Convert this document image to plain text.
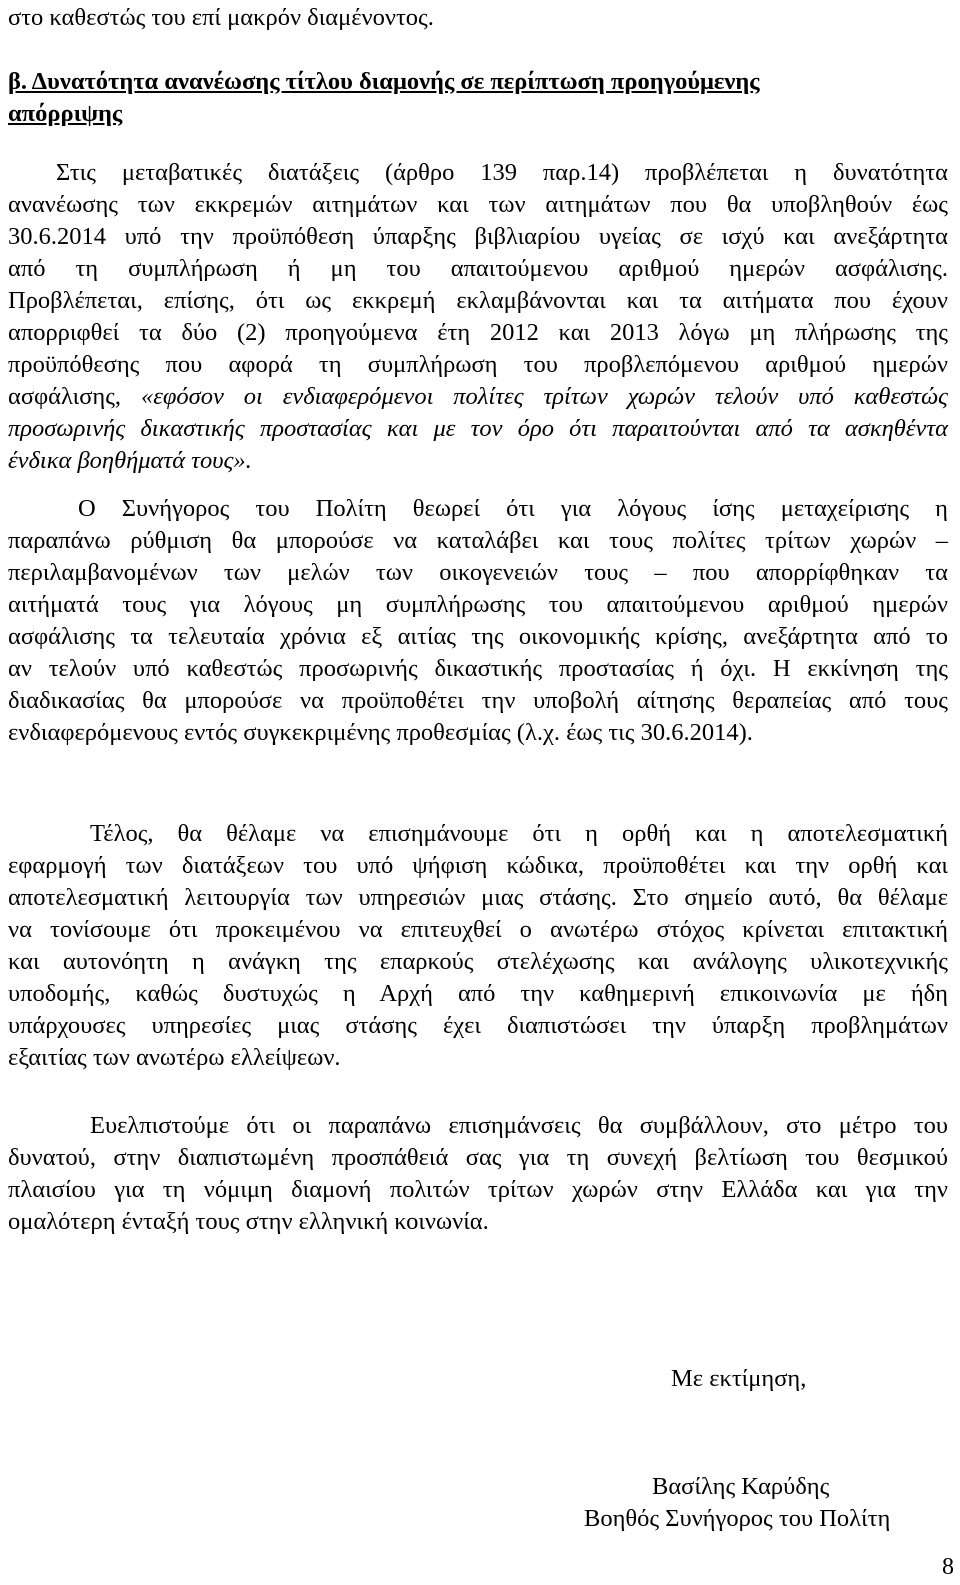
στο καθεστώς του επί μακρόν διαμένοντος.
β. Δυνατότητα ανανέωσης τίτλου διαμονής σε περίπτωση προηγούμενης
απόρριψης
Στις μεταβατικές διατάξεις (άρθρο 139 παρ.14) προβλέπεται η δυνατότητα
ανανέωσης των εκκρεμών αιτημάτων και των αιτημάτων που θα υποβληθούν έως
30.6.2014 υπό την προϋπόθεση ύπαρξης βιβλιαρίου υγείας σε ισχύ και ανεξάρτητα
από τη συμπλήρωση ή μη του απαιτούμενου αριθμού ημερών ασφάλισης.
Προβλέπεται, επίσης, ότι ως εκκρεμή εκλαμβάνονται και τα αιτήματα που έχουν
απορριφθεί τα δύο (2) προηγούμενα έτη 2012 και 2013 λόγω μη πλήρωσης της
προϋπόθεσης που αφορά τη συμπλήρωση του προβλεπόμενου αριθμού ημερών
ασφάλισης, «εφόσον οι ενδιαφερόμενοι πολίτες τρίτων χωρών τελούν υπό καθεστώς
προσωρινής δικαστικής προστασίας και με τον όρο ότι παραιτούνται από τα ασκηθέντα
ένδικα βοηθήματά τους».
Ο Συνήγορος του Πολίτη θεωρεί ότι για λόγους ίσης μεταχείρισης η
παραπάνω ρύθμιση θα μπορούσε να καταλάβει και τους πολίτες τρίτων χωρών –
περιλαμβανομένων των μελών των οικογενειών τους – που απορρίφθηκαν τα
αιτήματά τους για λόγους μη συμπλήρωσης του απαιτούμενου αριθμού ημερών
ασφάλισης τα τελευταία χρόνια εξ αιτίας της οικονομικής κρίσης, ανεξάρτητα από το
αν τελούν υπό καθεστώς προσωρινής δικαστικής προστασίας ή όχι. Η εκκίνηση της
διαδικασίας θα μπορούσε να προϋποθέτει την υποβολή αίτησης θεραπείας από τους
ενδιαφερόμενους εντός συγκεκριμένης προθεσμίας (λ.χ. έως τις 30.6.2014).
Τέλος, θα θέλαμε να επισημάνουμε ότι η ορθή και η αποτελεσματική
εφαρμογή των διατάξεων του υπό ψήφιση κώδικα, προϋποθέτει και την ορθή και
αποτελεσματική λειτουργία των υπηρεσιών μιας στάσης. Στο σημείο αυτό, θα θέλαμε
να τονίσουμε ότι προκειμένου να επιτευχθεί ο ανωτέρω στόχος κρίνεται επιτακτική
και αυτονόητη η ανάγκη της επαρκούς στελέχωσης και ανάλογης υλικοτεχνικής
υποδομής, καθώς δυστυχώς η Αρχή από την καθημερινή επικοινωνία με ήδη
υπάρχουσες υπηρεσίες μιας στάσης έχει διαπιστώσει την ύπαρξη προβλημάτων
εξαιτίας των ανωτέρω ελλείψεων.
Ευελπιστούμε ότι οι παραπάνω επισημάνσεις θα συμβάλλουν, στο μέτρο του
δυνατού, στην διαπιστωμένη προσπάθειά σας για τη συνεχή βελτίωση του θεσμικού
πλαισίου για τη νόμιμη διαμονή πολιτών τρίτων χωρών στην Ελλάδα και για την
ομαλότερη ένταξή τους στην ελληνική κοινωνία.
Με εκτίμηση,
Βασίλης Καρύδης
Βοηθός Συνήγορος του Πολίτη
8
